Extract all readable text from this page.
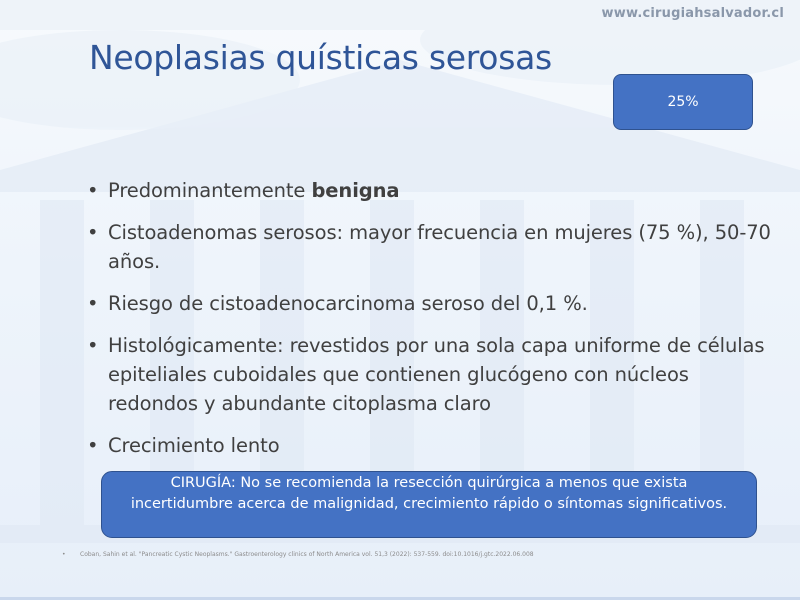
www.cirugiahsalvador.cl
Neoplasias quísticas serosas
25%
• Predominantemente benigna
• Cistoadenomas serosos: mayor frecuencia en mujeres (75 %), 50-70 años.
• Riesgo de cistoadenocarcinoma seroso del 0,1 %.
• Histológicamente: revestidos por una sola capa uniforme de células epiteliales cuboidales que contienen glucógeno con núcleos redondos y abundante citoplasma claro
• Crecimiento lento
CIRUGÍA: No se recomienda la resección quirúrgica a menos que exista incertidumbre acerca de malignidad, crecimiento rápido o síntomas significativos.
• Coban, Sahin et al. "Pancreatic Cystic Neoplasms." Gastroenterology clinics of North America vol. 51,3 (2022): 537-559. doi:10.1016/j.gtc.2022.06.008
